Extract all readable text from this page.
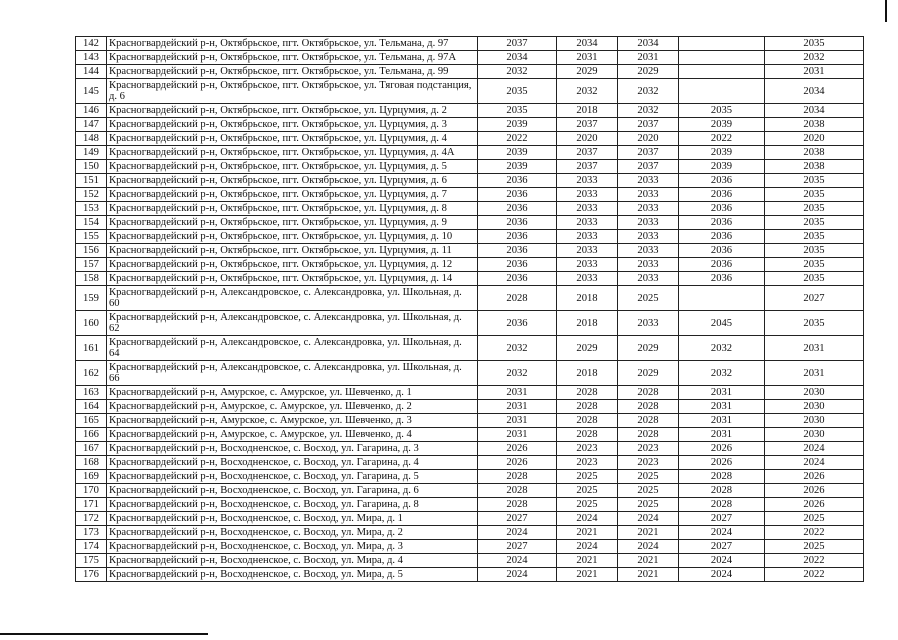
142	Красногвардейский р-н, Октябрьское, пгт. Октябрьское, ул. Тельмана, д. 97	2037	2034	2034		2035
143	Красногвардейский р-н, Октябрьское, пгт. Октябрьское, ул. Тельмана, д. 97А	2034	2031	2031		2032
144	Красногвардейский р-н, Октябрьское, пгт. Октябрьское, ул. Тельмана, д. 99	2032	2029	2029		2031
145	Красногвардейский р-н, Октябрьское, пгт. Октябрьское, ул. Тяговая подстанция, д. 6	2035	2032	2032		2034
146	Красногвардейский р-н, Октябрьское, пгт. Октябрьское, ул. Цурцумия, д. 2	2035	2018	2032	2035	2034
147	Красногвардейский р-н, Октябрьское, пгт. Октябрьское, ул. Цурцумия, д. 3	2039	2037	2037	2039	2038
148	Красногвардейский р-н, Октябрьское, пгт. Октябрьское, ул. Цурцумия, д. 4	2022	2020	2020	2022	2020
149	Красногвардейский р-н, Октябрьское, пгт. Октябрьское, ул. Цурцумия, д. 4А	2039	2037	2037	2039	2038
150	Красногвардейский р-н, Октябрьское, пгт. Октябрьское, ул. Цурцумия, д. 5	2039	2037	2037	2039	2038
151	Красногвардейский р-н, Октябрьское, пгт. Октябрьское, ул. Цурцумия, д. 6	2036	2033	2033	2036	2035
152	Красногвардейский р-н, Октябрьское, пгт. Октябрьское, ул. Цурцумия, д. 7	2036	2033	2033	2036	2035
153	Красногвардейский р-н, Октябрьское, пгт. Октябрьское, ул. Цурцумия, д. 8	2036	2033	2033	2036	2035
154	Красногвардейский р-н, Октябрьское, пгт. Октябрьское, ул. Цурцумия, д. 9	2036	2033	2033	2036	2035
155	Красногвардейский р-н, Октябрьское, пгт. Октябрьское, ул. Цурцумия, д. 10	2036	2033	2033	2036	2035
156	Красногвардейский р-н, Октябрьское, пгт. Октябрьское, ул. Цурцумия, д. 11	2036	2033	2033	2036	2035
157	Красногвардейский р-н, Октябрьское, пгт. Октябрьское, ул. Цурцумия, д. 12	2036	2033	2033	2036	2035
158	Красногвардейский р-н, Октябрьское, пгт. Октябрьское, ул. Цурцумия, д. 14	2036	2033	2033	2036	2035
159	Красногвардейский р-н, Александровское, с. Александровка, ул. Школьная, д. 60	2028	2018	2025		2027
160	Красногвардейский р-н, Александровское, с. Александровка, ул. Школьная, д. 62	2036	2018	2033	2045	2035
161	Красногвардейский р-н, Александровское, с. Александровка, ул. Школьная, д. 64	2032	2029	2029	2032	2031
162	Красногвардейский р-н, Александровское, с. Александровка, ул. Школьная, д. 66	2032	2018	2029	2032	2031
163	Красногвардейский р-н, Амурское, с. Амурское, ул. Шевченко, д. 1	2031	2028	2028	2031	2030
164	Красногвардейский р-н, Амурское, с. Амурское, ул. Шевченко, д. 2	2031	2028	2028	2031	2030
165	Красногвардейский р-н, Амурское, с. Амурское, ул. Шевченко, д. 3	2031	2028	2028	2031	2030
166	Красногвардейский р-н, Амурское, с. Амурское, ул. Шевченко, д. 4	2031	2028	2028	2031	2030
167	Красногвардейский р-н, Восходненское, с. Восход, ул. Гагарина, д. 3	2026	2023	2023	2026	2024
168	Красногвардейский р-н, Восходненское, с. Восход, ул. Гагарина, д. 4	2026	2023	2023	2026	2024
169	Красногвардейский р-н, Восходненское, с. Восход, ул. Гагарина, д. 5	2028	2025	2025	2028	2026
170	Красногвардейский р-н, Восходненское, с. Восход, ул. Гагарина, д. 6	2028	2025	2025	2028	2026
171	Красногвардейский р-н, Восходненское, с. Восход, ул. Гагарина, д. 8	2028	2025	2025	2028	2026
172	Красногвардейский р-н, Восходненское, с. Восход, ул. Мира, д. 1	2027	2024	2024	2027	2025
173	Красногвардейский р-н, Восходненское, с. Восход, ул. Мира, д. 2	2024	2021	2021	2024	2022
174	Красногвардейский р-н, Восходненское, с. Восход, ул. Мира, д. 3	2027	2024	2024	2027	2025
175	Красногвардейский р-н, Восходненское, с. Восход, ул. Мира, д. 4	2024	2021	2021	2024	2022
176	Красногвардейский р-н, Восходненское, с. Восход, ул. Мира, д. 5	2024	2021	2021	2024	2022
